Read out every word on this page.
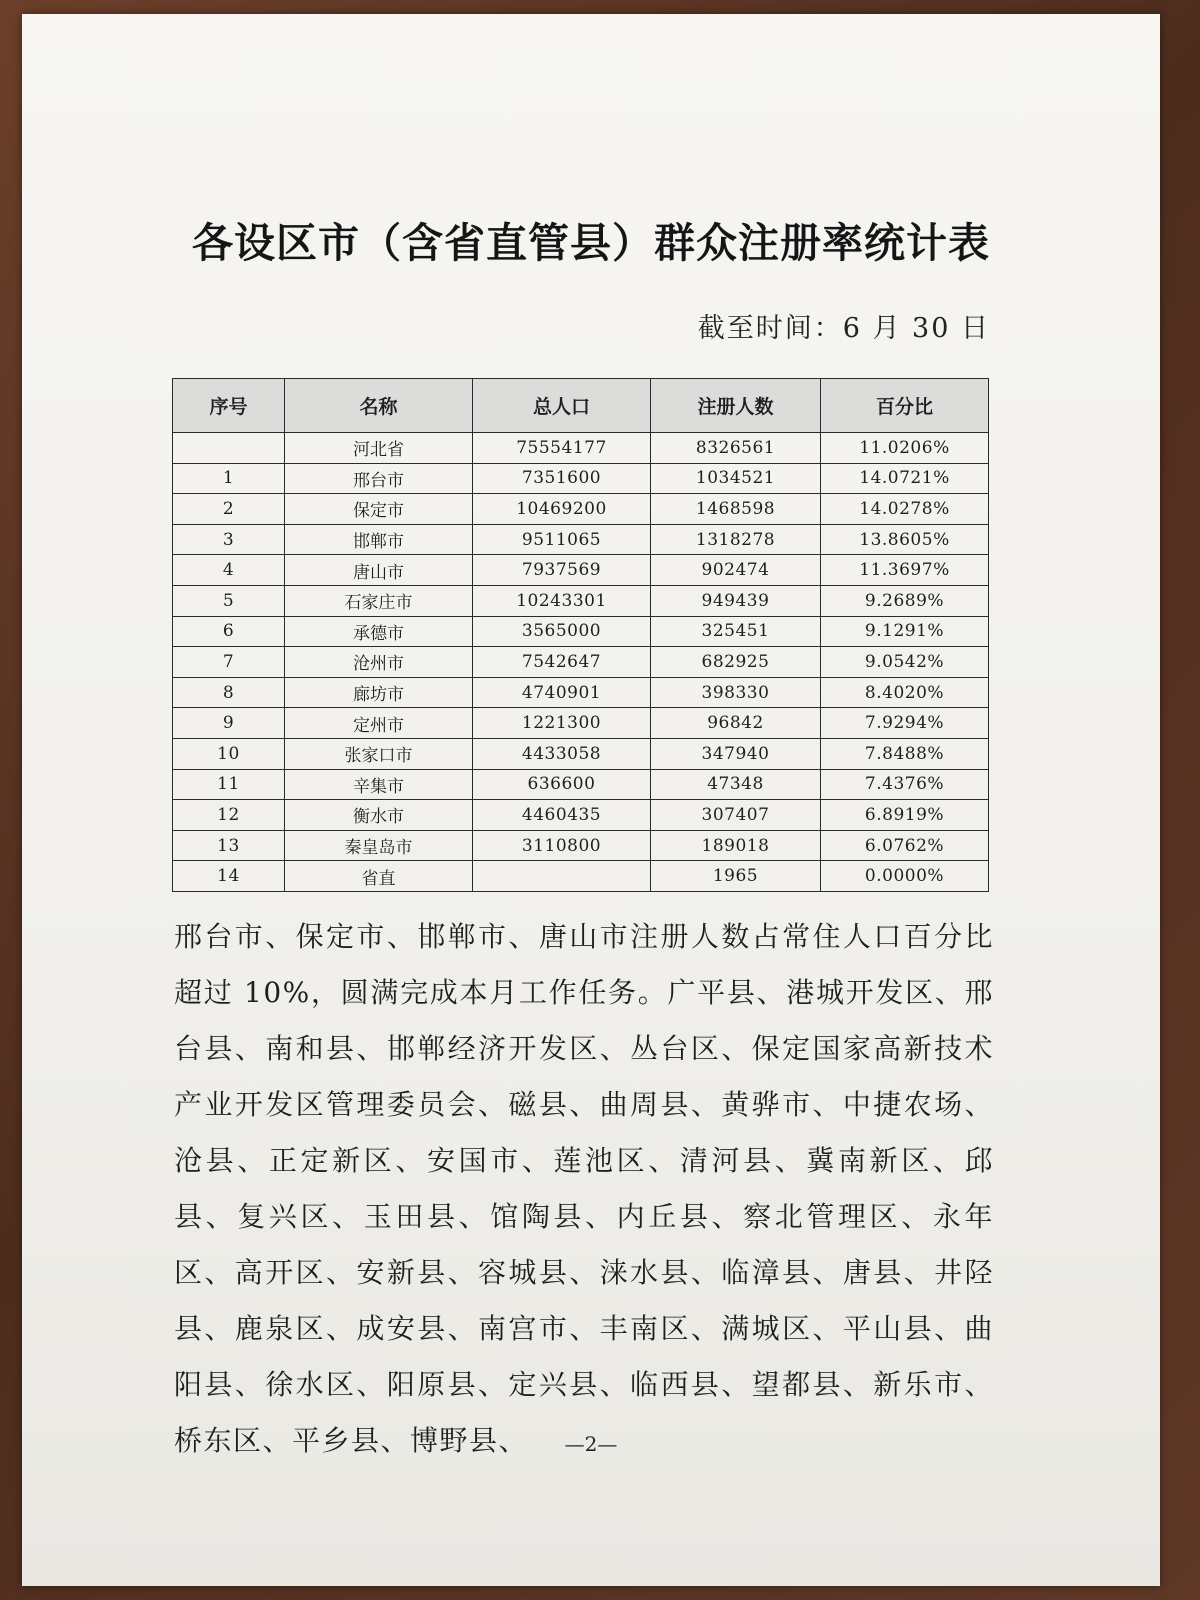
各设区市（含省直管县）群众注册率统计表
截至时间：6 月 30 日
序号	名称	总人口	注册人数	百分比
	河北省	75554177	8326561	11.0206%
1	邢台市	7351600	1034521	14.0721%
2	保定市	10469200	1468598	14.0278%
3	邯郸市	9511065	1318278	13.8605%
4	唐山市	7937569	902474	11.3697%
5	石家庄市	10243301	949439	9.2689%
6	承德市	3565000	325451	9.1291%
7	沧州市	7542647	682925	9.0542%
8	廊坊市	4740901	398330	8.4020%
9	定州市	1221300	96842	7.9294%
10	张家口市	4433058	347940	7.8488%
11	辛集市	636600	47348	7.4376%
12	衡水市	4460435	307407	6.8919%
13	秦皇岛市	3110800	189018	6.0762%
14	省直		1965	0.0000%

邢台市、保定市、邯郸市、唐山市注册人数占常住人口百分比超过 10%，圆满完成本月工作任务。广平县、港城开发区、邢台县、南和县、邯郸经济开发区、丛台区、保定国家高新技术产业开发区管理委员会、磁县、曲周县、黄骅市、中捷农场、沧县、正定新区、安国市、莲池区、清河县、冀南新区、邱县、复兴区、玉田县、馆陶县、内丘县、察北管理区、永年区、高开区、安新县、容城县、涞水县、临漳县、唐县、井陉县、鹿泉区、成安县、南宫市、丰南区、满城区、平山县、曲阳县、徐水区、阳原县、定兴县、临西县、望都县、新乐市、桥东区、平乡县、博野县、	—2—
